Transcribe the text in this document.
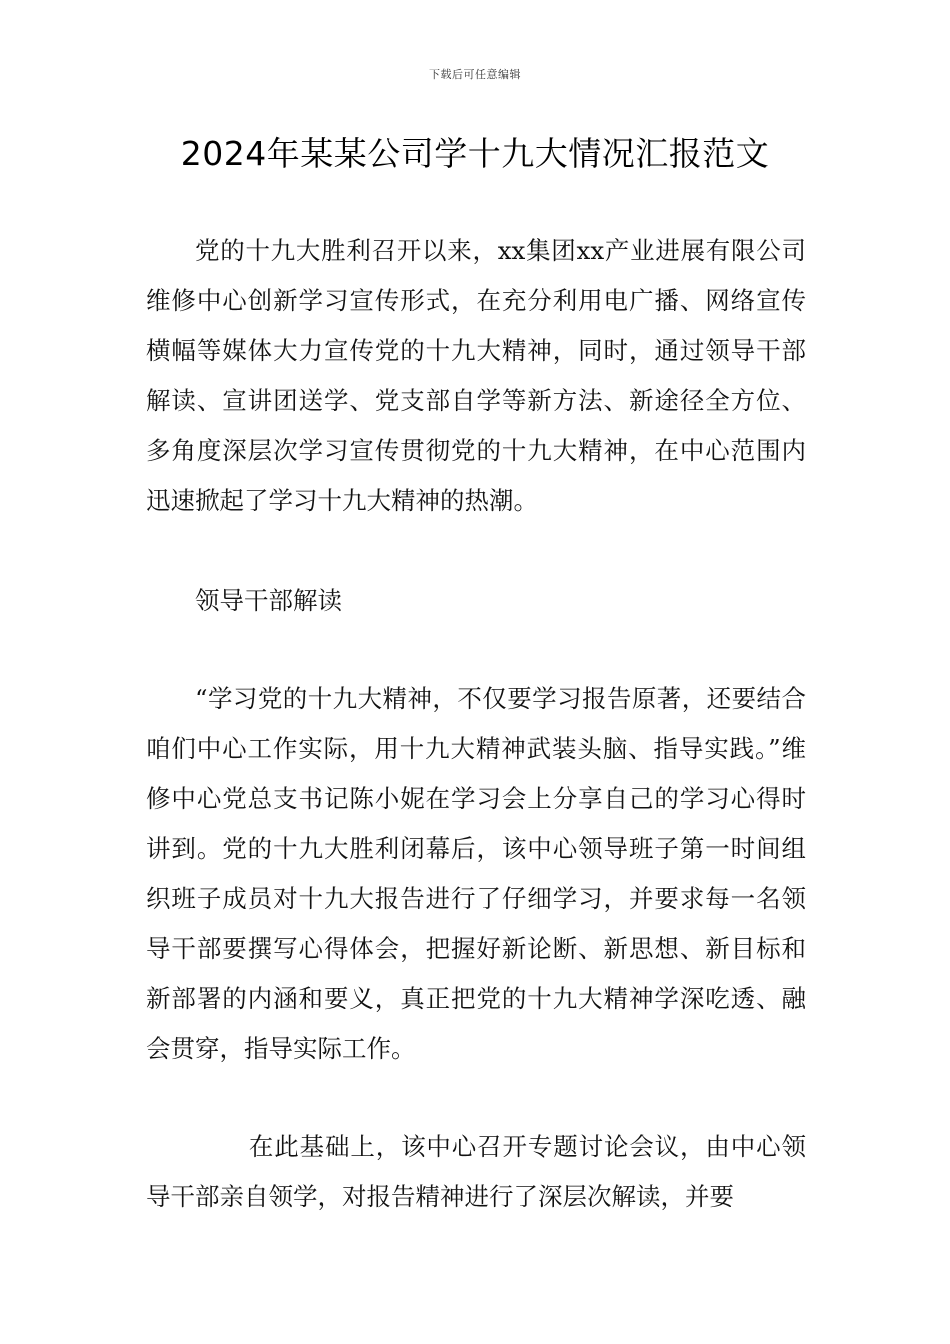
下载后可任意编辑
2024年某某公司学十九大情况汇报范文

党的十九大胜利召开以来，xx集团xx产业进展有限公司维修中心创新学习宣传形式，在充分利用电广播、网络宣传横幅等媒体大力宣传党的十九大精神，同时，通过领导干部解读、宣讲团送学、党支部自学等新方法、新途径全方位、多角度深层次学习宣传贯彻党的十九大精神，在中心范围内迅速掀起了学习十九大精神的热潮。

领导干部解读

“学习党的十九大精神，不仅要学习报告原著，还要结合咱们中心工作实际，用十九大精神武装头脑、指导实践。”维修中心党总支书记陈小妮在学习会上分享自己的学习心得时讲到。党的十九大胜利闭幕后，该中心领导班子第一时间组织班子成员对十九大报告进行了仔细学习，并要求每一名领导干部要撰写心得体会，把握好新论断、新思想、新目标和新部署的内涵和要义，真正把党的十九大精神学深吃透、融会贯穿，指导实际工作。

在此基础上，该中心召开专题讨论会议，由中心领导干部亲自领学，对报告精神进行了深层次解读，并要
